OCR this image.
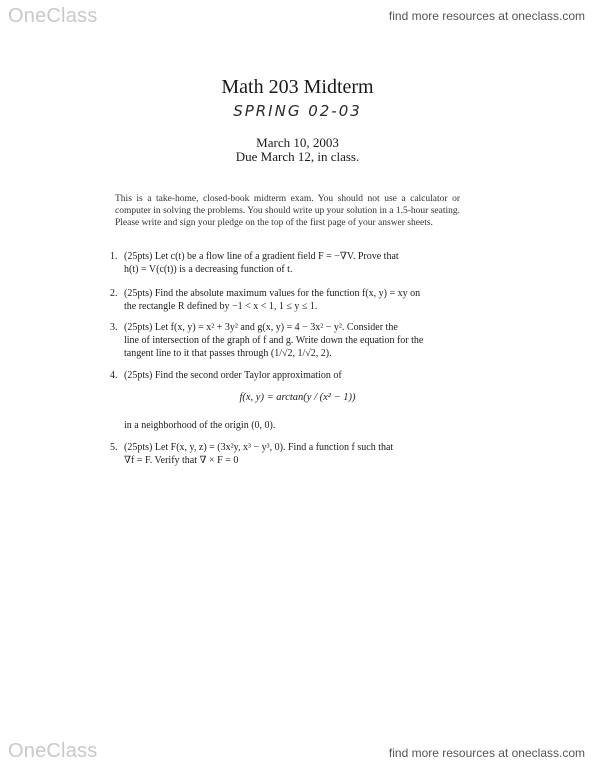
OneClass	find more resources at oneclass.com
Math 203 Midterm
SPRING 02-03
March 10, 2003
Due March 12, in class.
This is a take-home, closed-book midterm exam. You should not use a calculator or computer in solving the problems. You should write up your solution in a 1.5-hour seating. Please write and sign your pledge on the top of the first page of your answer sheets.
1. (25pts) Let c(t) be a flow line of a gradient field F = −∇V. Prove that
h(t) = V(c(t)) is a decreasing function of t.
2. (25pts) Find the absolute maximum values for the function f(x, y) = xy on
the rectangle R defined by −1 < x < 1, 1 ≤ y ≤ 1.
3. (25pts) Let f(x, y) = x² + 3y² and g(x, y) = 4 − 3x² − y². Consider the
line of intersection of the graph of f and g. Write down the equation for the
tangent line to it that passes through (1/√2, 1/√2, 2).
4. (25pts) Find the second order Taylor approximation of
f(x, y) = arctan(y / (x² − 1))
in a neighborhood of the origin (0, 0).
5. (25pts) Let F(x, y, z) = (3x²y, x³ − y³, 0). Find a function f such that
∇f = F. Verify that ∇ × F = 0
OneClass	find more resources at oneclass.com
